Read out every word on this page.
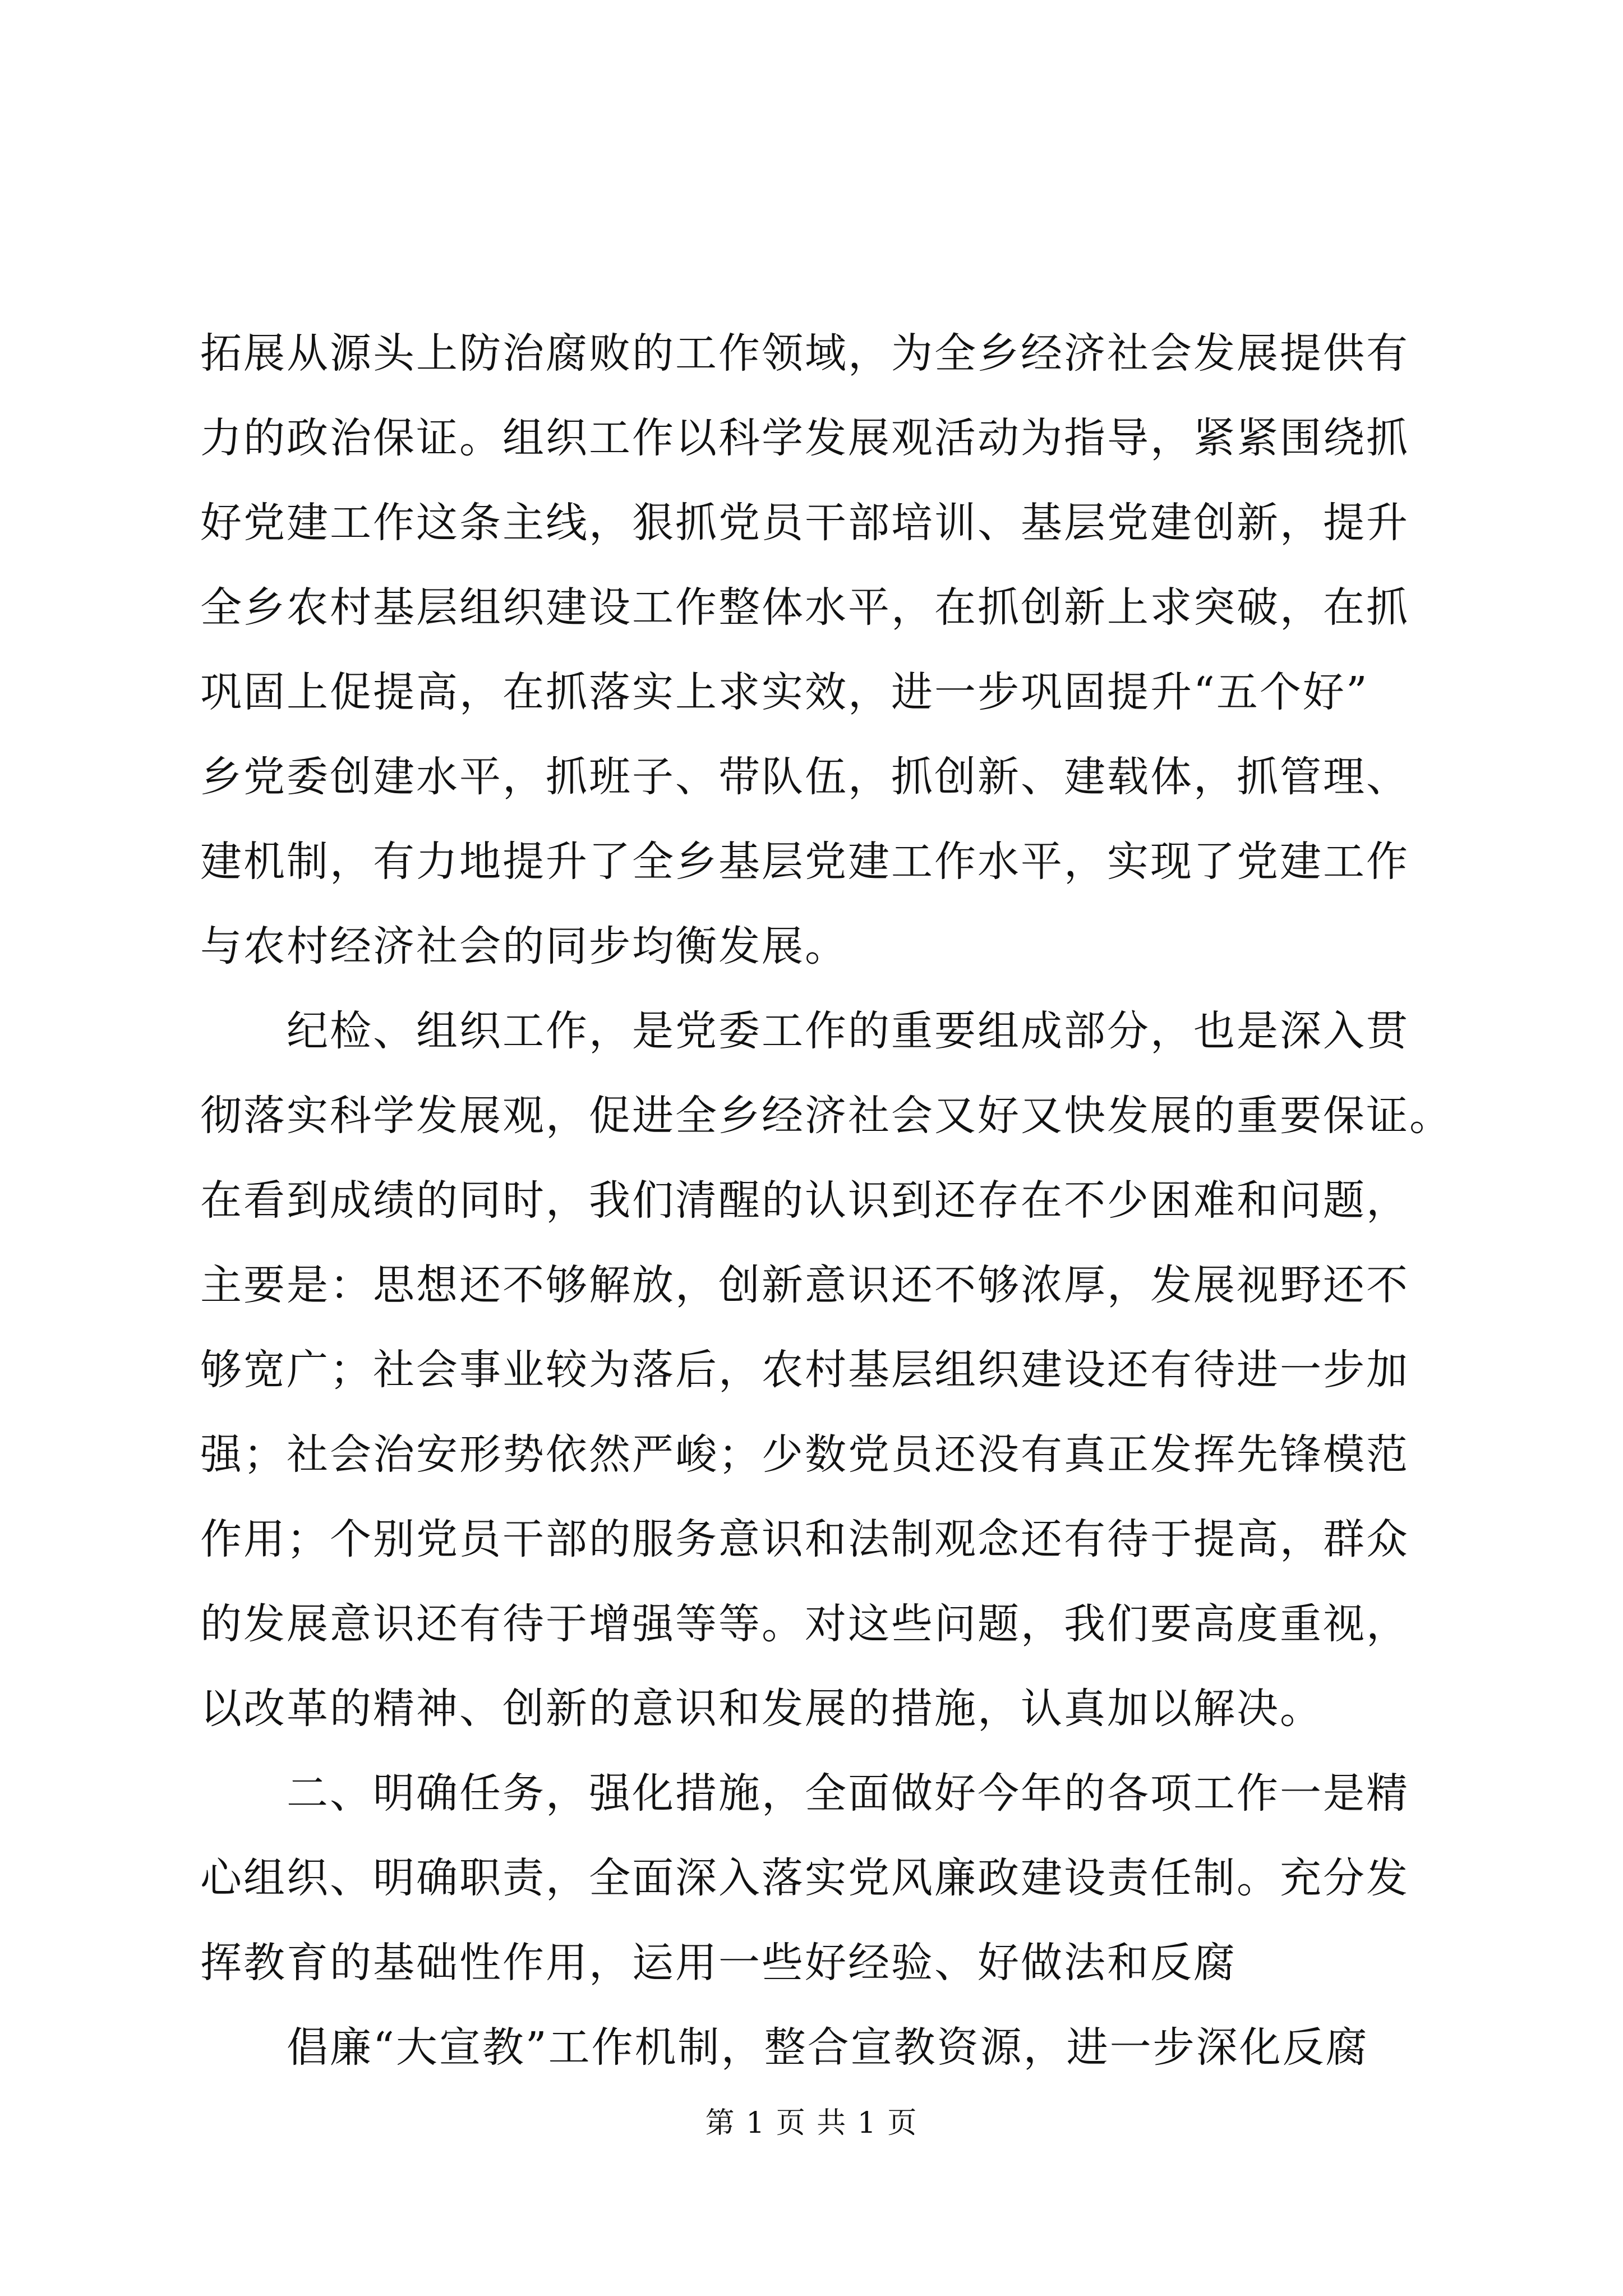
拓展从源头上防治腐败的工作领域，为全乡经济社会发展提供有
力的政治保证。组织工作以科学发展观活动为指导，紧紧围绕抓
好党建工作这条主线，狠抓党员干部培训、基层党建创新，提升
全乡农村基层组织建设工作整体水平，在抓创新上求突破，在抓
巩固上促提高，在抓落实上求实效，进一步巩固提升“五个好”
乡党委创建水平，抓班子、带队伍，抓创新、建载体，抓管理、
建机制，有力地提升了全乡基层党建工作水平，实现了党建工作
与农村经济社会的同步均衡发展。
　　纪检、组织工作，是党委工作的重要组成部分，也是深入贯
彻落实科学发展观，促进全乡经济社会又好又快发展的重要保证。
在看到成绩的同时，我们清醒的认识到还存在不少困难和问题，
主要是：思想还不够解放，创新意识还不够浓厚，发展视野还不
够宽广；社会事业较为落后，农村基层组织建设还有待进一步加
强；社会治安形势依然严峻；少数党员还没有真正发挥先锋模范
作用；个别党员干部的服务意识和法制观念还有待于提高，群众
的发展意识还有待于增强等等。对这些问题，我们要高度重视，
以改革的精神、创新的意识和发展的措施，认真加以解决。
　　二、明确任务，强化措施，全面做好今年的各项工作一是精
心组织、明确职责，全面深入落实党风廉政建设责任制。充分发
挥教育的基础性作用，运用一些好经验、好做法和反腐
　　倡廉“大宣教”工作机制，整合宣教资源，进一步深化反腐
第 1 页 共 1 页
